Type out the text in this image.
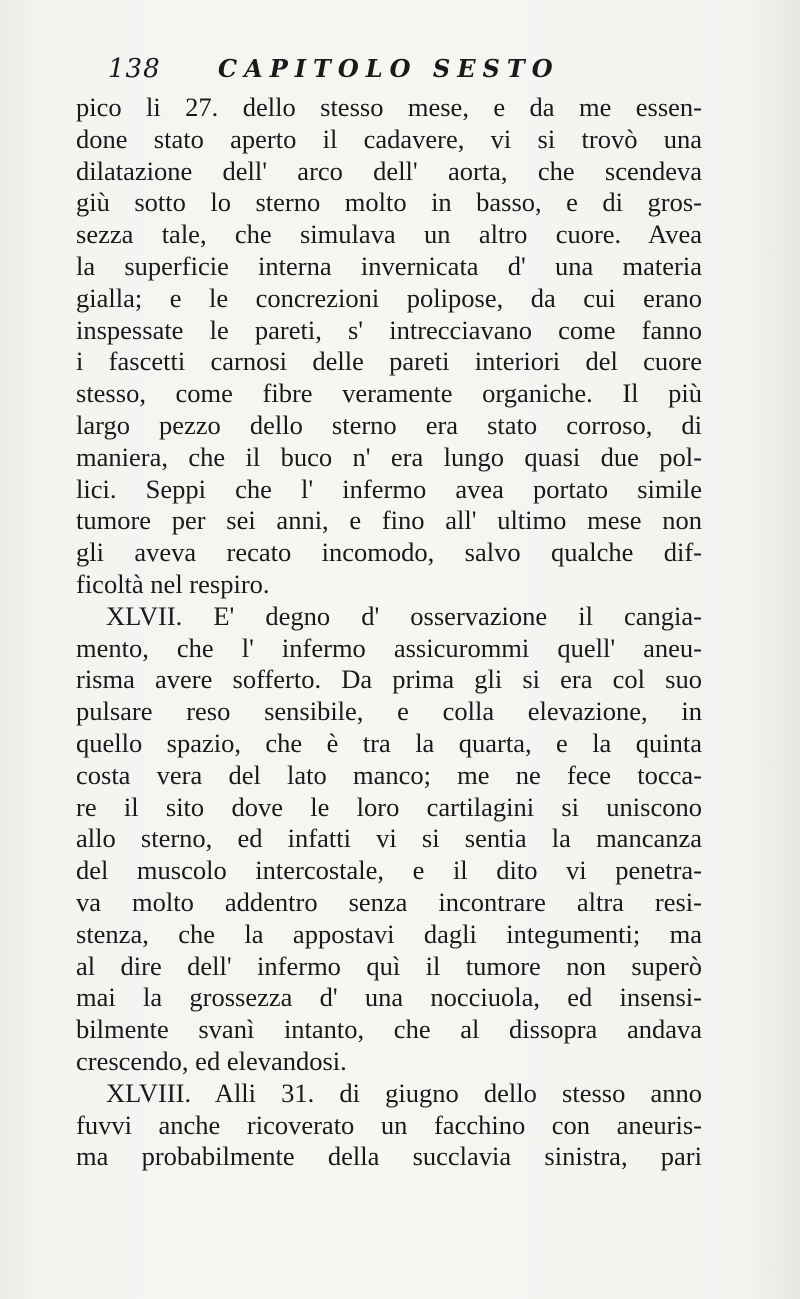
138 CAPITOLO SESTO
pico li 27. dello stesso mese, e da me essen-
done stato aperto il cadavere, vi si trovò una
dilatazione dell' arco dell' aorta, che scendeva
giù sotto lo sterno molto in basso, e di gros-
sezza tale, che simulava un altro cuore. Avea
la superficie interna invernicata d' una materia
gialla; e le concrezioni polipose, da cui erano
inspessate le pareti, s' intrecciavano come fanno
i fascetti carnosi delle pareti interiori del cuore
stesso, come fibre veramente organiche. Il più
largo pezzo dello sterno era stato corroso, di
maniera, che il buco n' era lungo quasi due pol-
lici. Seppi che l' infermo avea portato simile
tumore per sei anni, e fino all' ultimo mese non
gli aveva recato incomodo, salvo qualche dif-
ficoltà nel respiro.
XLVII. E' degno d' osservazione il cangia-
mento, che l' infermo assicurommi quell' aneu-
risma avere sofferto. Da prima gli si era col suo
pulsare reso sensibile, e colla elevazione, in
quello spazio, che è tra la quarta, e la quinta
costa vera del lato manco; me ne fece tocca-
re il sito dove le loro cartilagini si uniscono
allo sterno, ed infatti vi si sentia la mancanza
del muscolo intercostale, e il dito vi penetra-
va molto addentro senza incontrare altra resi-
stenza, che la appostavi dagli integumenti; ma
al dire dell' infermo quì il tumore non superò
mai la grossezza d' una nocciuola, ed insensi-
bilmente svanì intanto, che al dissopra andava
crescendo, ed elevandosi.
XLVIII. Alli 31. di giugno dello stesso anno
fuvvi anche ricoverato un facchino con aneuris-
ma probabilmente della succlavia sinistra, pari
